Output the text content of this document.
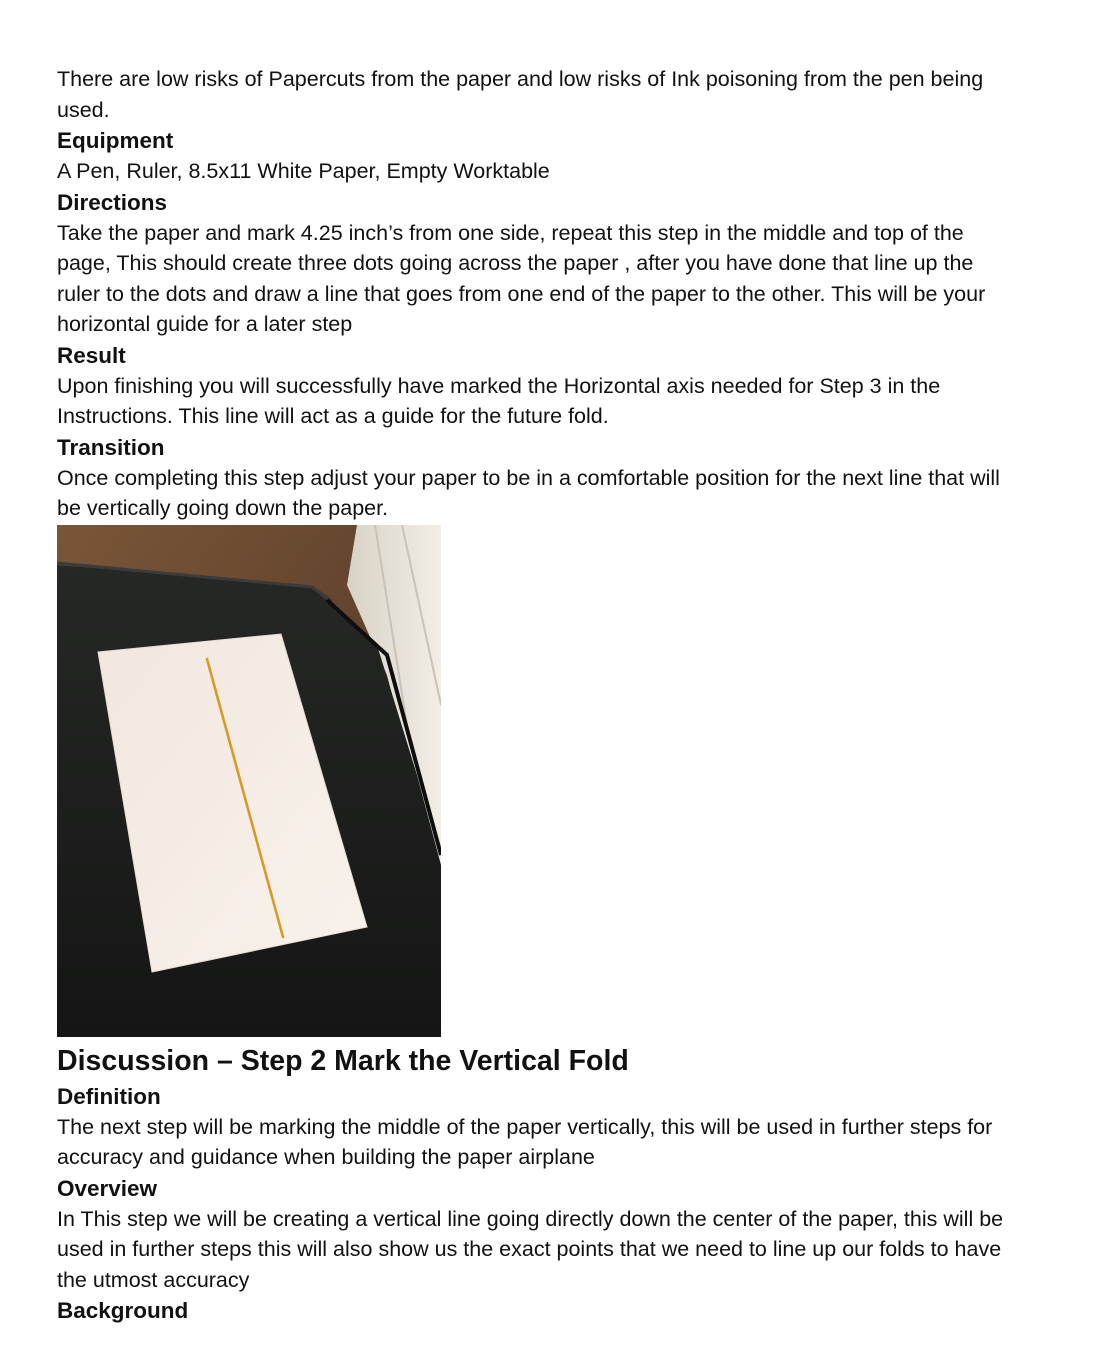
There are low risks of Papercuts from the paper and low risks of Ink poisoning from the pen being used.

Equipment

A Pen, Ruler, 8.5x11 White Paper, Empty Worktable

Directions

Take the paper and mark 4.25 inch’s from one side, repeat this step in the middle and top of the page, This should create three dots going across the paper , after you have done that line up the ruler to the dots and draw a line that goes from one end of the paper to the other. This will be your horizontal guide for a later step

Result

Upon finishing you will successfully have marked the Horizontal axis needed for Step 3 in the Instructions. This line will act as a guide for the future fold.

Transition

Once completing this step adjust your paper to be in a comfortable position for the next line that will be vertically going down the paper.

Discussion – Step 2 Mark the Vertical Fold
Definition

The next step will be marking the middle of the paper vertically, this will be used in further steps for accuracy and guidance when building the paper airplane

Overview

In This step we will be creating a vertical line going directly down the center of the paper, this will be used in further steps this will also show us the exact points that we need to line up our folds to have the utmost accuracy

Background
